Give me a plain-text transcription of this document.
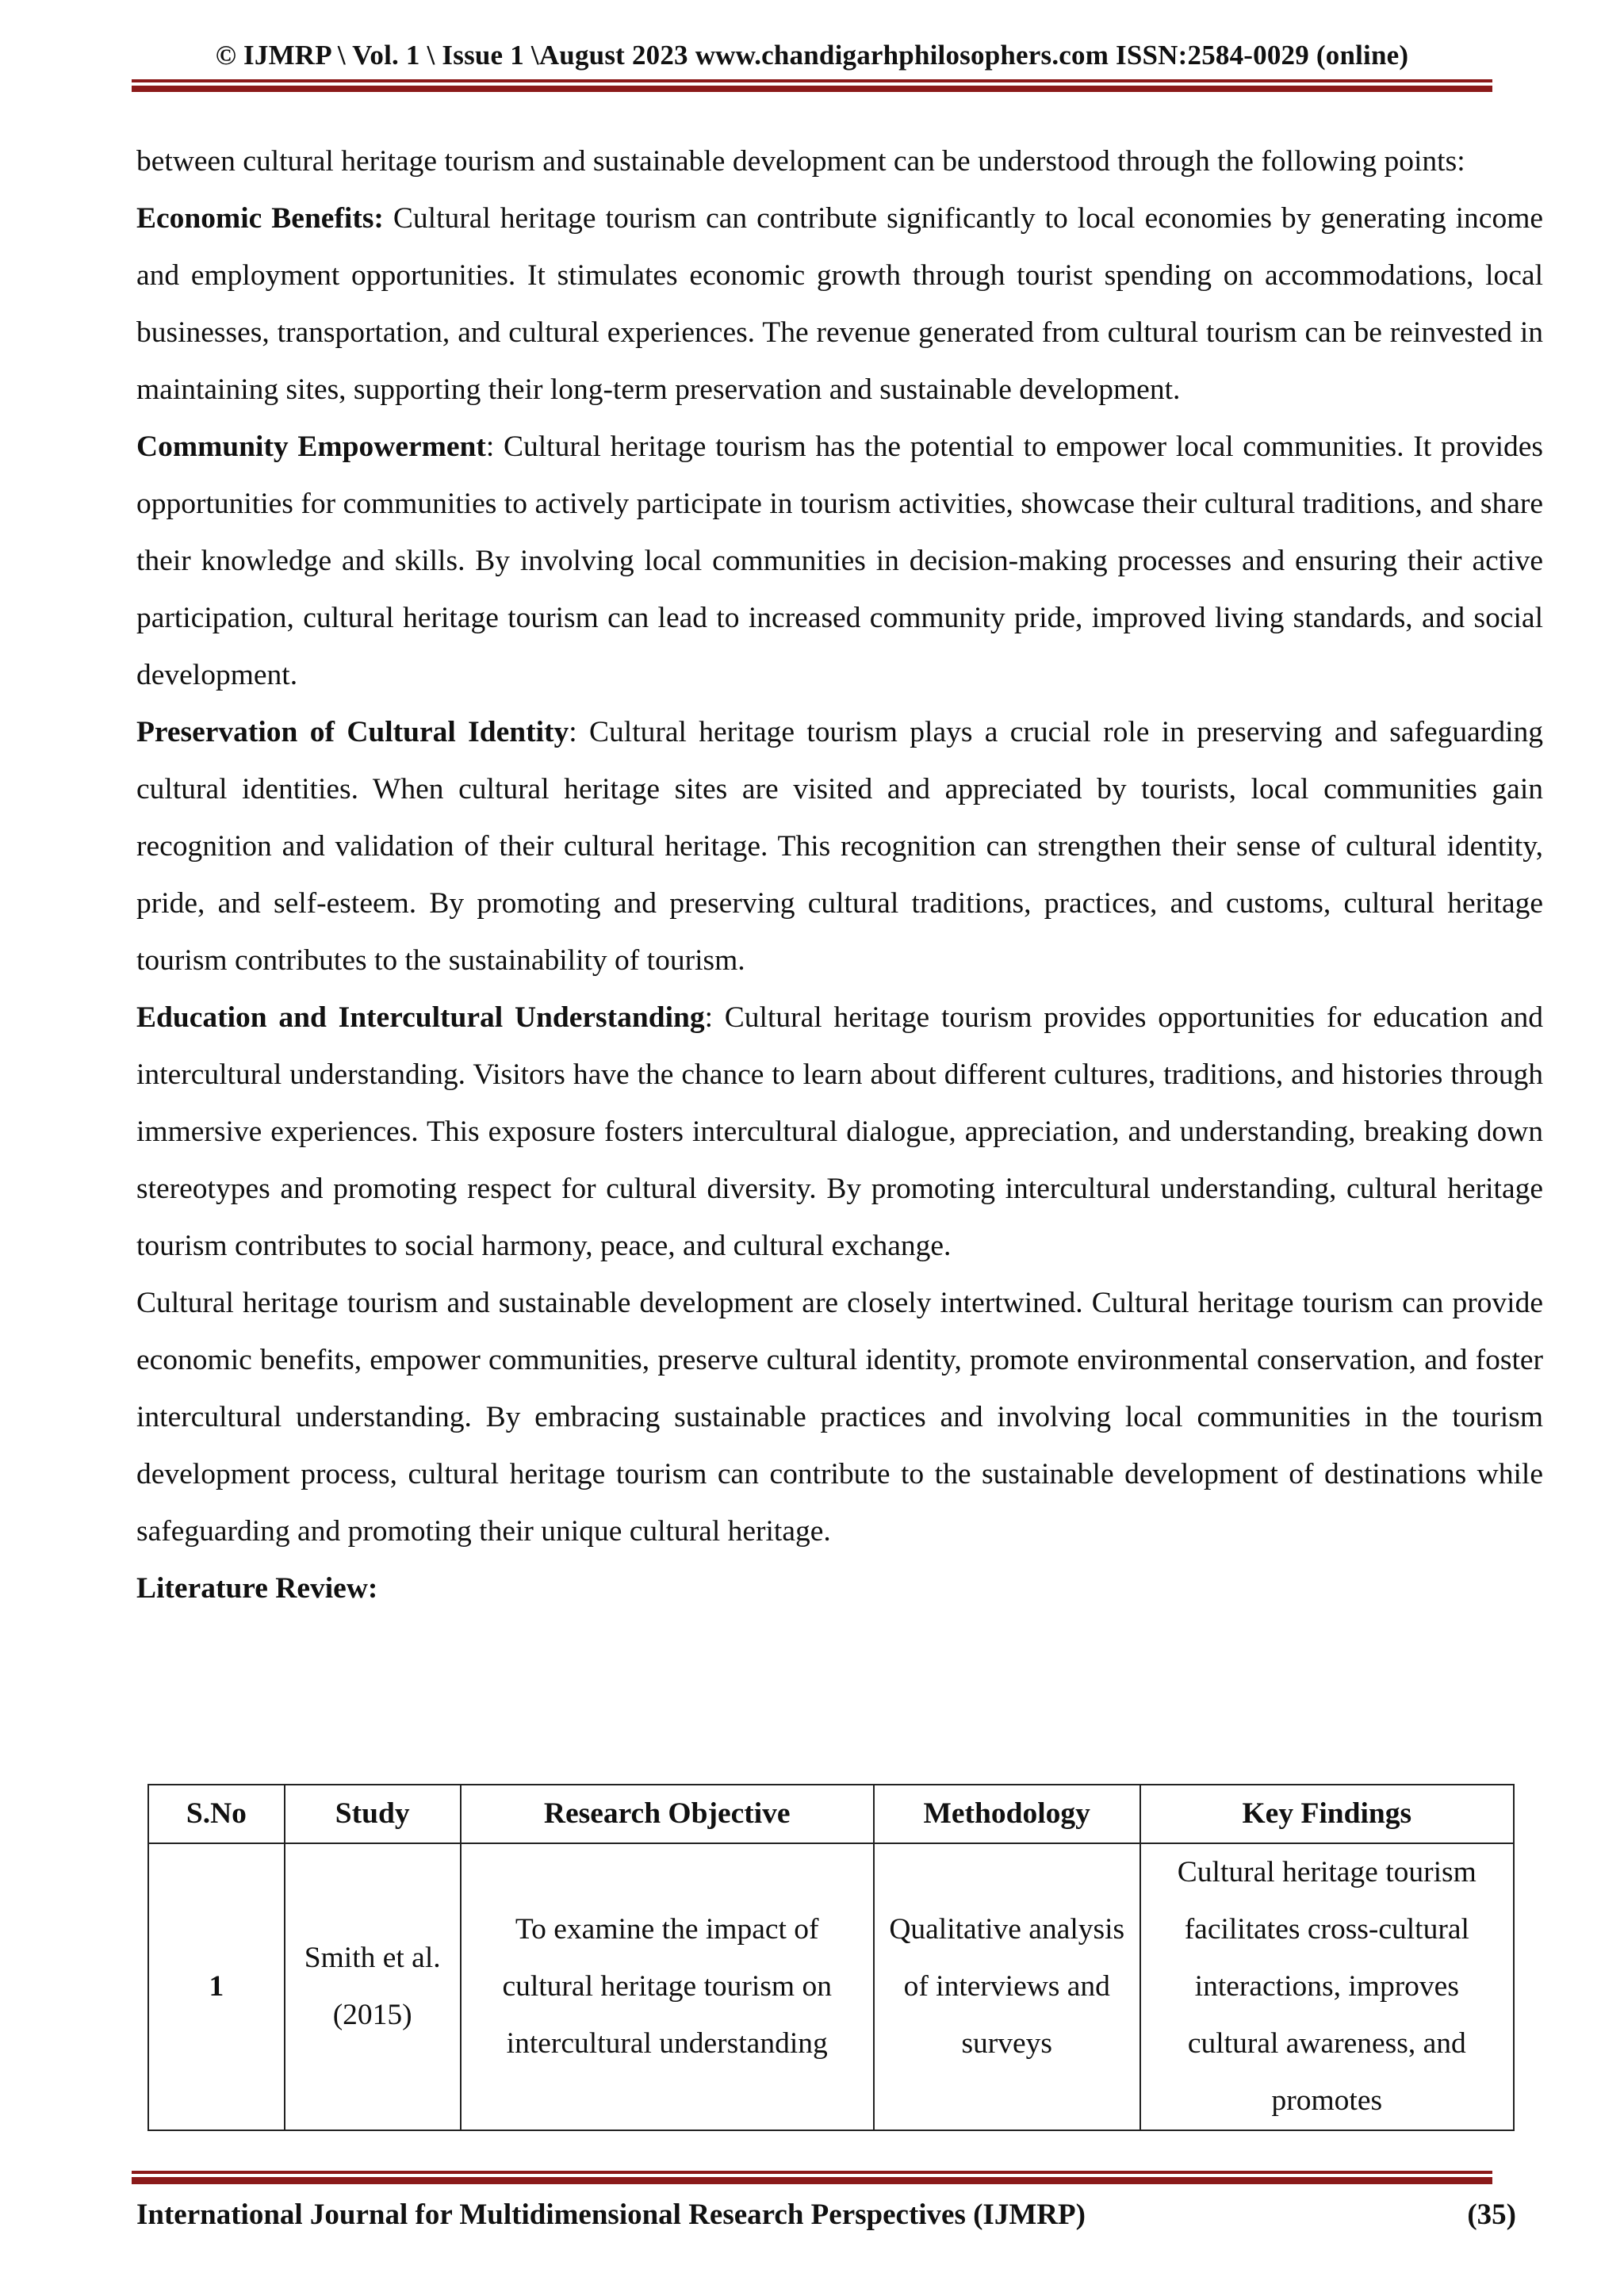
© IJMRP \ Vol. 1 \ Issue 1 \August 2023 www.chandigarhphilosophers.com ISSN:2584-0029 (online)

between cultural heritage tourism and sustainable development can be understood through the following points:

Economic Benefits: Cultural heritage tourism can contribute significantly to local economies by generating income and employment opportunities. It stimulates economic growth through tourist spending on accommodations, local businesses, transportation, and cultural experiences. The revenue generated from cultural tourism can be reinvested in maintaining sites, supporting their long-term preservation and sustainable development.

Community Empowerment: Cultural heritage tourism has the potential to empower local communities. It provides opportunities for communities to actively participate in tourism activities, showcase their cultural traditions, and share their knowledge and skills. By involving local communities in decision-making processes and ensuring their active participation, cultural heritage tourism can lead to increased community pride, improved living standards, and social development.

Preservation of Cultural Identity: Cultural heritage tourism plays a crucial role in preserving and safeguarding cultural identities. When cultural heritage sites are visited and appreciated by tourists, local communities gain recognition and validation of their cultural heritage. This recognition can strengthen their sense of cultural identity, pride, and self-esteem. By promoting and preserving cultural traditions, practices, and customs, cultural heritage tourism contributes to the sustainability of tourism.

Education and Intercultural Understanding: Cultural heritage tourism provides opportunities for education and intercultural understanding. Visitors have the chance to learn about different cultures, traditions, and histories through immersive experiences. This exposure fosters intercultural dialogue, appreciation, and understanding, breaking down stereotypes and promoting respect for cultural diversity. By promoting intercultural understanding, cultural heritage tourism contributes to social harmony, peace, and cultural exchange.

Cultural heritage tourism and sustainable development are closely intertwined. Cultural heritage tourism can provide economic benefits, empower communities, preserve cultural identity, promote environmental conservation, and foster intercultural understanding. By embracing sustainable practices and involving local communities in the tourism development process, cultural heritage tourism can contribute to the sustainable development of destinations while safeguarding and promoting their unique cultural heritage.

Literature Review:

S.No	Study	Research Objective	Methodology	Key Findings
1	Smith et al. (2015)	To examine the impact of cultural heritage tourism on intercultural understanding	Qualitative analysis of interviews and surveys	Cultural heritage tourism facilitates cross-cultural interactions, improves cultural awareness, and promotes
International Journal for Multidimensional Research Perspectives (IJMRP)	(35)
